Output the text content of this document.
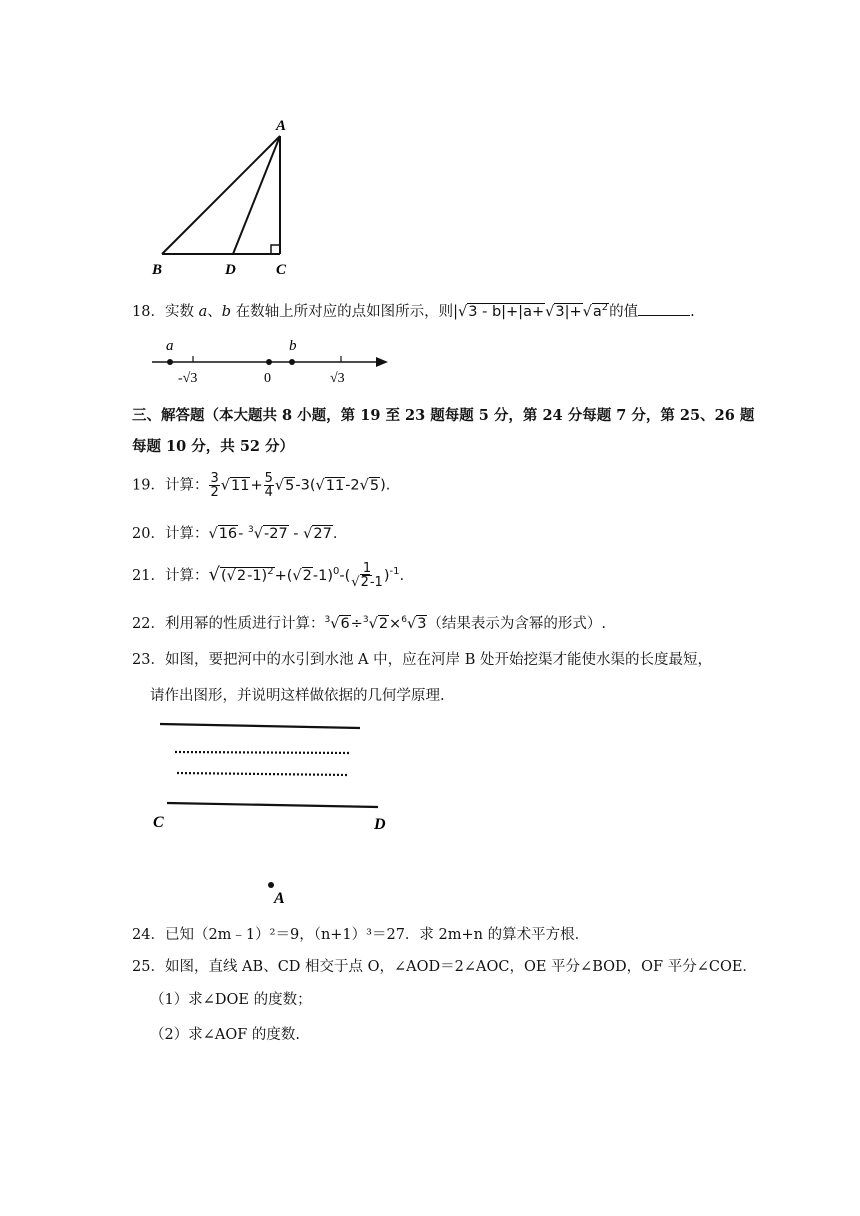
A
B	D	C
18．实数 a、b 在数轴上所对应的点如图所示，则$|√3 - b|+|a+√3|+√a^2$的值	.
a	b
-√3	0	√3
三、解答题（本大题共 8 小题，第 19 至 23 题每题 5 分，第 24 分每题 7 分，第 25、26 题
每题 10 分，共 52 分）
19．计算： $\frac{3}{2} √11+ \frac{5}{4} √5-3(√11-2√5)$.
20．计算：√16- $^3$√-27 - √27.
21．计算：$√(√2-1)^2+(√2-1)^0-( \frac{1}{√2-1} )^{-1}$.
22．利用幂的性质进行计算：$^3$√6÷$^3$√2×$^6$√3（结果表示为含幂的形式）.
23．如图，要把河中的水引到水池 A 中，应在河岸 B 处开始挖渠才能使水渠的长度最短，
请作出图形，并说明这样做依据的几何学原理.
C	D
A
24．已知（2m﹣1）²＝9，（n+1）³＝27．求 2m+n 的算术平方根．
25．如图，直线 AB、CD 相交于点 O，∠AOD＝2∠AOC，OE 平分∠BOD，OF 平分∠COE．
（1）求∠DOE 的度数；
（2）求∠AOF 的度数.
